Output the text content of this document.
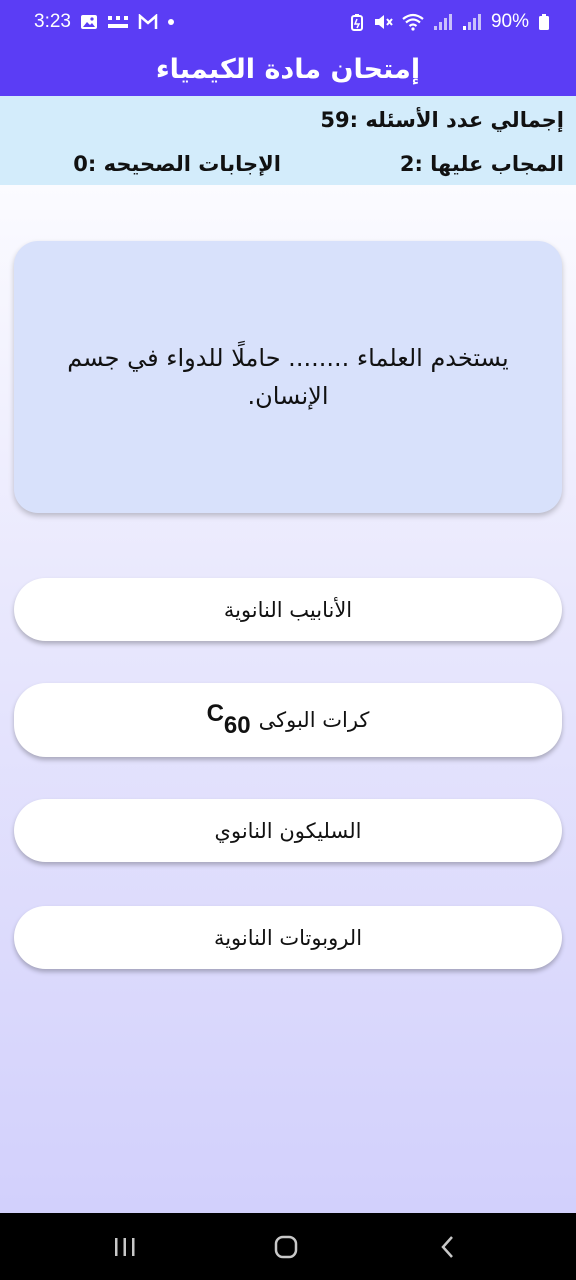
3:23	90%
إمتحان مادة الكيمياء
إجمالي عدد الأسئله :59
المجاب عليها :2
الإجابات الصحيحه :0
يستخدم العلماء ........ حاملًا للدواء في جسم
الإنسان.
الأنابيب النانوية
$C_{60}$ كرات البوكى
السليكون النانوي
الروبوتات النانوية
